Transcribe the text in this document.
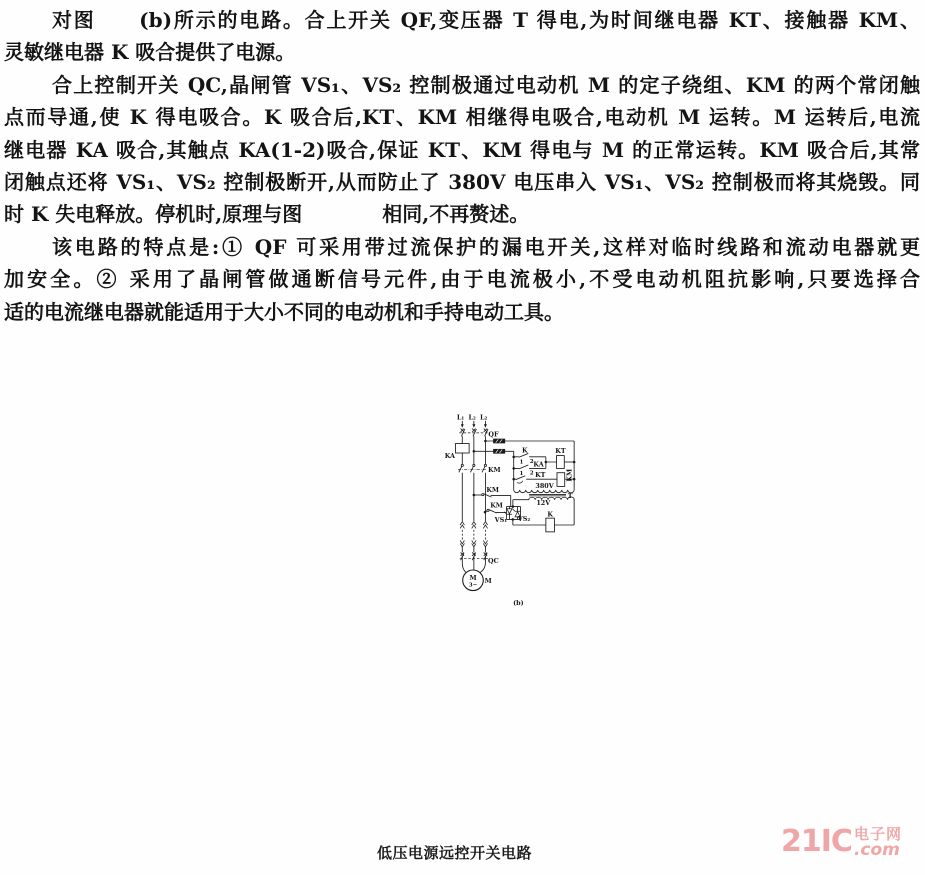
对图　　(b)所示的电路。合上开关 QF,变压器 T 得电,为时间继电器 KT、接触器 KM、
灵敏继电器 K 吸合提供了电源。
合上控制开关 QC,晶闸管 VS₁、VS₂ 控制极通过电动机 M 的定子绕组、KM 的两个常闭触
点而导通,使 K 得电吸合。K 吸合后,KT、KM 相继得电吸合,电动机 M 运转。M 运转后,电流
继电器 KA 吸合,其触点 KA(1-2)吸合,保证 KT、KM 得电与 M 的正常运转。KM 吸合后,其常
闭触点还将 VS₁、VS₂ 控制极断开,从而防止了 380V 电压串入 VS₁、VS₂ 控制极而将其烧毁。同
时 K 失电释放。停机时,原理与图　　　　相同,不再赘述。
该电路的特点是:① QF 可采用带过流保护的漏电开关,这样对临时线路和流动电器就更
加安全。② 采用了晶闸管做通断信号元件,由于电流极小,不受电动机阻抗影响,只要选择合
适的电流继电器就能适用于大小不同的电动机和手持电动工具。
L₁ L₂ L₂
QF
KA
KM
K
1 2 KA
1 2
KT
KT KM
380V
T
12V
KM
KM
VS₁ VS₂
K
QC
M
3~
M
(b)
低压电源远控开关电路	21IC 电子网
.com
